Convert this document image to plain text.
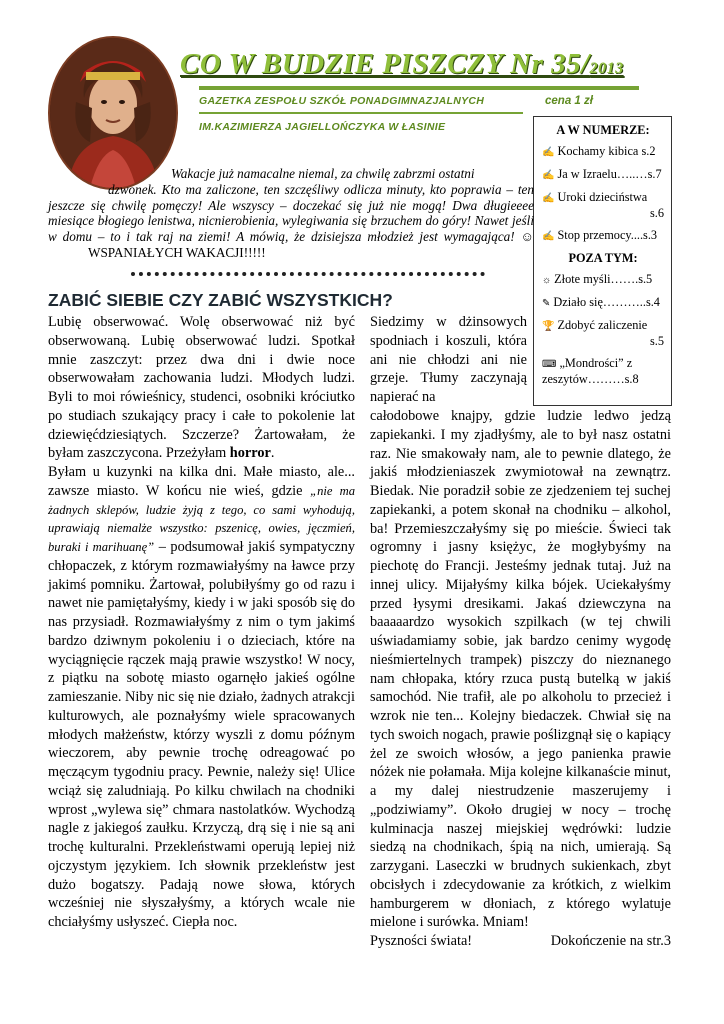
CO W BUDZIE PISZCZY Nr 35/2013
GAZETKA ZESPOŁU SZKÓŁ PONADGIMNAZJALNYCH	cena 1 zł
IM.KAZIMIERZA JAGIELLOŃCZYKA W ŁASINIE	A W NUMERZE:
✍ Kochamy kibica s.2
✍ Ja w Izraelu…..…s.7
✍ Uroki dzieciństwa
s.6
✍ Stop przemocy....s.3
POZA TYM:
☼ Złote myśli…….s.5
✎ Działo się………..s.4
🏆 Zdobyć zaliczenie
s.5
⌨ „Mondrości” z zeszytów………s.8

Wakacje już namacalne niemal, za chwilę zabrzmi ostatni

dzwonek. Kto ma zaliczone, ten szczęśliwy odlicza minuty, kto poprawia – ten jeszcze się chwilę pomęczy! Ale wszyscy – doczekać się już nie mogą! Dwa długieeee miesiące błogiego lenistwa, nicnierobienia, wylegiwania się brzuchem do góry! Nawet jeśli w domu – to i tak raj na ziemi! A mówią, że dzisiejsza młodzież jest wymagająca! ☺WSPANIAŁYCH WAKACJI!!!!!

ZABIĆ SIEBIE CZY ZABIĆ WSZYSTKICH?

Lubię obserwować. Wolę obserwować niż być obserwowaną. Lubię obserwować ludzi. Spotkał mnie zaszczyt: przez dwa dni i dwie noce obserwowałam zachowania ludzi. Młodych ludzi. Byli to moi rówieśnicy, studenci, osobniki króciutko po studiach szukający pracy i całe to pokolenie lat dziewięćdziesiątych. Szczerze? Żartowałam, że byłam zaszczycona. Przeżyłam horror.

Byłam u kuzynki na kilka dni. Małe miasto, ale... zawsze miasto. W końcu nie wieś, gdzie „nie ma żadnych sklepów, ludzie żyją z tego, co sami wyhodują, uprawiają niemalże wszystko: pszenicę, owies, jęczmień, buraki i marihuanę” – podsumował jakiś sympatyczny chłopaczek, z którym rozmawiałyśmy na ławce przy jakimś pomniku. Żartował, polubiłyśmy go od razu i nawet nie pamiętałyśmy, kiedy i w jaki sposób się do nas przysiadł. Rozmawiałyśmy z nim o tym jakimś bardzo dziwnym pokoleniu i o dzieciach, które na wyciągnięcie rączek mają prawie wszystko! W nocy, z piątku na sobotę miasto ogarnęło jakieś ogólne zamieszanie. Niby nic się nie działo, żadnych atrakcji kulturowych, ale poznałyśmy wiele spracowanych młodych małżeństw, którzy wyszli z domu późnym wieczorem, aby pewnie trochę odreagować po męczącym tygodniu pracy. Pewnie, należy się! Ulice wciąż się zaludniają. Po kilku chwilach na chodniki wprost „wylewa się” chmara nastolatków. Wychodzą nagle z jakiegoś zaułku. Krzyczą, drą się i nie są ani trochę kulturalni. Przekleństwami operują lepiej niż ojczystym językiem. Ich słownik przekleństw jest dużo bogatszy. Padają nowe słowa, których wcześniej nie słyszałyśmy, a których wcale nie chciałyśmy usłyszeć. Ciepła noc.

Siedzimy w dżinsowych spodniach i koszuli, która ani nie chłodzi ani nie grzeje. Tłumy zaczynają napierać na

całodobowe knajpy, gdzie ludzie ledwo jedzą zapiekanki. I my zjadłyśmy, ale to był nasz ostatni raz. Nie smakowały nam, ale to pewnie dlatego, że jakiś młodzieniaszek zwymiotował na zewnątrz. Biedak. Nie poradził sobie ze zjedzeniem tej suchej zapiekanki, a potem skonał na chodniku – alkohol, ba! Przemieszczałyśmy się po mieście. Świeci tak ogromny i jasny księżyc, że mogłybyśmy na piechotę do Francji. Jesteśmy jednak tutaj. Już na innej ulicy. Mijałyśmy kilka bójek. Uciekałyśmy przed łysymi dresikami. Jakaś dziewczyna na baaaaardzo wysokich szpilkach (w tej chwili uświadamiamy sobie, jak bardzo cenimy wygodę nieśmiertelnych trampek) piszczy do nieznanego nam chłopaka, który rzuca pustą butelką w jakiś samochód. Nie trafił, ale po alkoholu to przecież i wzrok nie ten... Kolejny biedaczek. Chwiał się na tych swoich nogach, prawie poślizgnął się o kapiący żel ze swoich włosów, a jego panienka prawie nóżek nie połamała. Mija kolejne kilkanaście minut, a my dalej niestrudzenie maszerujemy i „podziwiamy”. Około drugiej w nocy – trochę kulminacja naszej miejskiej wędrówki: ludzie siedzą na chodnikach, śpią na nich, umierają. Są zarzygani. Laseczki w brudnych sukienkach, zbyt obcisłych i zdecydowanie za krótkich, z wielkim hamburgerem w dłoniach, z którego wylatuje mielone i surówka. Mniam!

Pyszności świata!	Dokończenie na str.3
